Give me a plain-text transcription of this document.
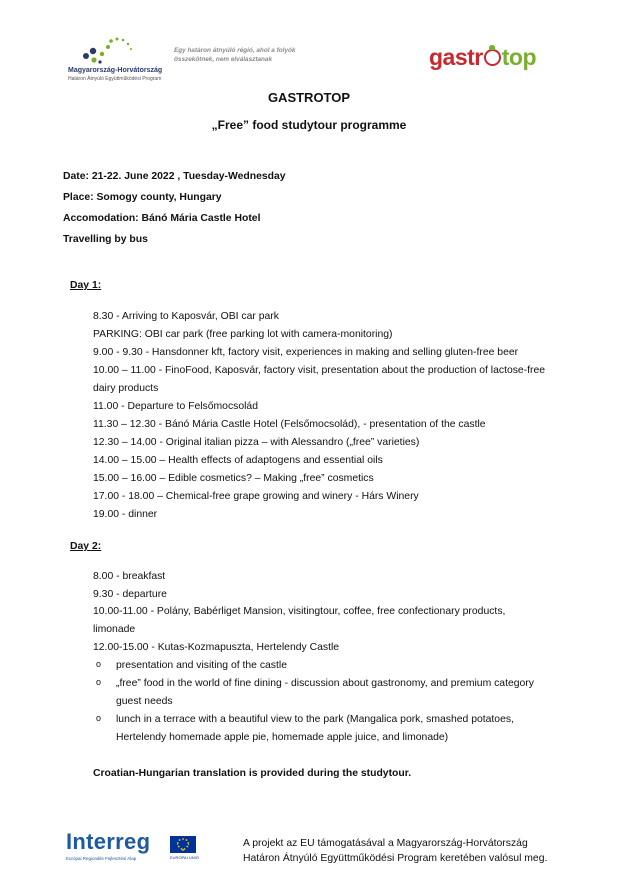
Magyarország-Horvátország
Határon Átnyúló Együttműködési Program
Egy határon átnyúló régió, ahol a folyók
összekötnek, nem elválasztanak	gastr top
GASTROTOP
„Free” food studytour programme
Date: 21-22. June 2022 , Tuesday-Wednesday
Place: Somogy county, Hungary
Accomodation: Bánó Mária Castle Hotel
Travelling by bus
Day 1:
8.30 - Arriving to Kaposvár, OBI car park
PARKING: OBI car park (free parking lot with camera-monitoring)
9.00 - 9.30 - Hansdonner kft, factory visit, experiences in making and selling gluten-free beer
10.00 – 11.00 - FinoFood, Kaposvár, factory visit, presentation about the production of lactose-free
dairy products
11.00 - Departure to Felsőmocsolád
11.30 – 12.30 - Bánó Mária Castle Hotel (Felsőmocsolád), - presentation of the castle
12.30 – 14.00 - Original italian pizza – with Alessandro („free” varieties)
14.00 – 15.00 – Health effects of adaptogens and essential oils
15.00 – 16.00 – Edible cosmetics? – Making „free” cosmetics
17.00 - 18.00 – Chemical-free grape growing and winery - Hárs Winery
19.00 - dinner
Day 2:
8.00 - breakfast
9.30 - departure
10.00-11.00 - Polány, Babérliget Mansion, visitingtour, coffee, free confectionary products,
limonade
12.00-15.00 - Kutas-Kozmapuszta, Hertelendy Castle
o presentation and visiting of the castle
o „free” food in the world of fine dining - discussion about gastronomy, and premium category
guest needs
o lunch in a terrace with a beautiful view to the park (Mangalica pork, smashed potatoes,
Hertelendy homemade apple pie, homemade apple juice, and limonade)
Croatian-Hungarian translation is provided during the studytour.
Interreg
Európai Regionális Fejlesztési Alap	EURÓPAI UNIÓ
A projekt az EU támogatásával a Magyarország-Horvátország
Határon Átnyúló Együttműködési Program keretében valósul meg.
